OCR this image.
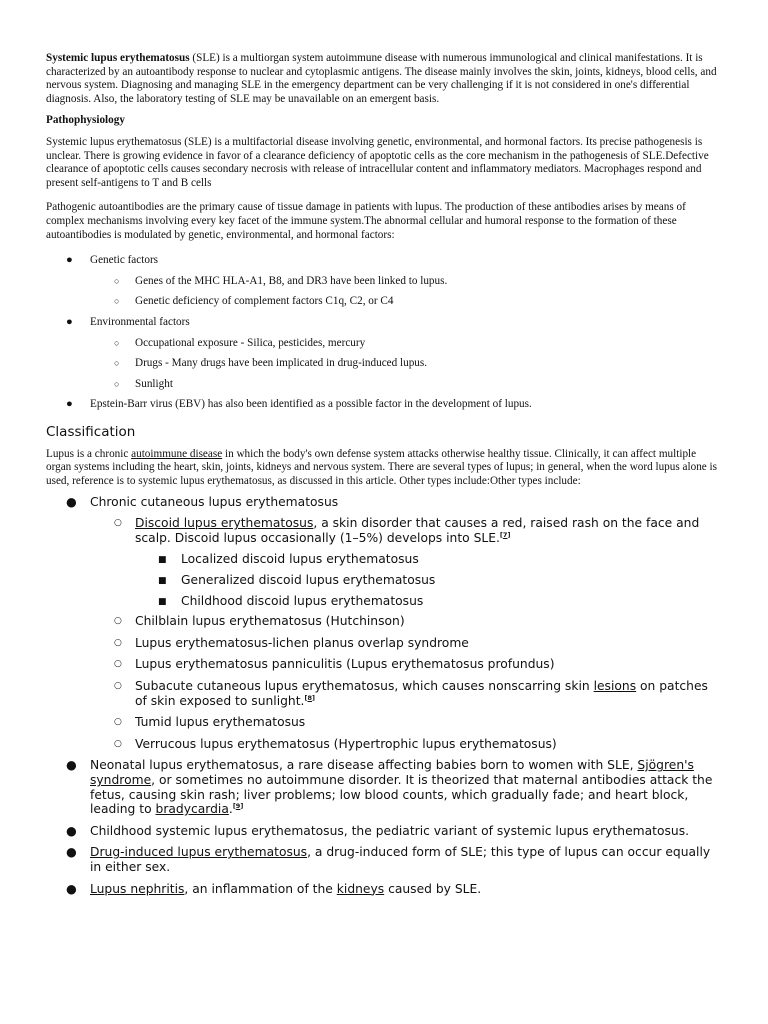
Systemic lupus erythematosus (SLE) is a multiorgan system autoimmune disease with numerous immunological and clinical manifestations. It is characterized by an autoantibody response to nuclear and cytoplasmic antigens. The disease mainly involves the skin, joints, kidneys, blood cells, and nervous system. Diagnosing and managing SLE in the emergency department can be very challenging if it is not considered in one's differential diagnosis. Also, the laboratory testing of SLE may be unavailable on an emergent basis.

Pathophysiology

Systemic lupus erythematosus (SLE) is a multifactorial disease involving genetic, environmental, and hormonal factors. Its precise pathogenesis is unclear. There is growing evidence in favor of a clearance deficiency of apoptotic cells as the core mechanism in the pathogenesis of SLE.Defective clearance of apoptotic cells causes secondary necrosis with release of intracellular content and inflammatory mediators. Macrophages respond and present self-antigens to T and B cells

Pathogenic autoantibodies are the primary cause of tissue damage in patients with lupus. The production of these antibodies arises by means of complex mechanisms involving every key facet of the immune system.The abnormal cellular and humoral response to the formation of these autoantibodies is modulated by genetic, environmental, and hormonal factors:

● Genetic factors
○ Genes of the MHC HLA-A1, B8, and DR3 have been linked to lupus.
○ Genetic deficiency of complement factors C1q, C2, or C4
● Environmental factors
○ Occupational exposure - Silica, pesticides, mercury
○ Drugs - Many drugs have been implicated in drug-induced lupus.
○ Sunlight
● Epstein-Barr virus (EBV) has also been identified as a possible factor in the development of lupus.
Classification

Lupus is a chronic autoimmune disease in which the body's own defense system attacks otherwise healthy tissue. Clinically, it can affect multiple organ systems including the heart, skin, joints, kidneys and nervous system. There are several types of lupus; in general, when the word lupus alone is used, reference is to systemic lupus erythematosus, as discussed in this article. Other types include:Other types include:

● Chronic cutaneous lupus erythematosus
○ Discoid lupus erythematosus, a skin disorder that causes a red, raised rash on the face and scalp. Discoid lupus occasionally (1–5%) develops into SLE.[7]
■ Localized discoid lupus erythematosus
■ Generalized discoid lupus erythematosus
■ Childhood discoid lupus erythematosus
○ Chilblain lupus erythematosus (Hutchinson)
○ Lupus erythematosus-lichen planus overlap syndrome
○ Lupus erythematosus panniculitis (Lupus erythematosus profundus)
○ Subacute cutaneous lupus erythematosus, which causes nonscarring skin lesions on patches of skin exposed to sunlight.[8]
○ Tumid lupus erythematosus
○ Verrucous lupus erythematosus (Hypertrophic lupus erythematosus)
● Neonatal lupus erythematosus, a rare disease affecting babies born to women with SLE, Sjögren's syndrome, or sometimes no autoimmune disorder. It is theorized that maternal antibodies attack the fetus, causing skin rash; liver problems; low blood counts, which gradually fade; and heart block, leading to bradycardia.[9]
● Childhood systemic lupus erythematosus, the pediatric variant of systemic lupus erythematosus.
● Drug-induced lupus erythematosus, a drug-induced form of SLE; this type of lupus can occur equally in either sex.
● Lupus nephritis, an inflammation of the kidneys caused by SLE.
